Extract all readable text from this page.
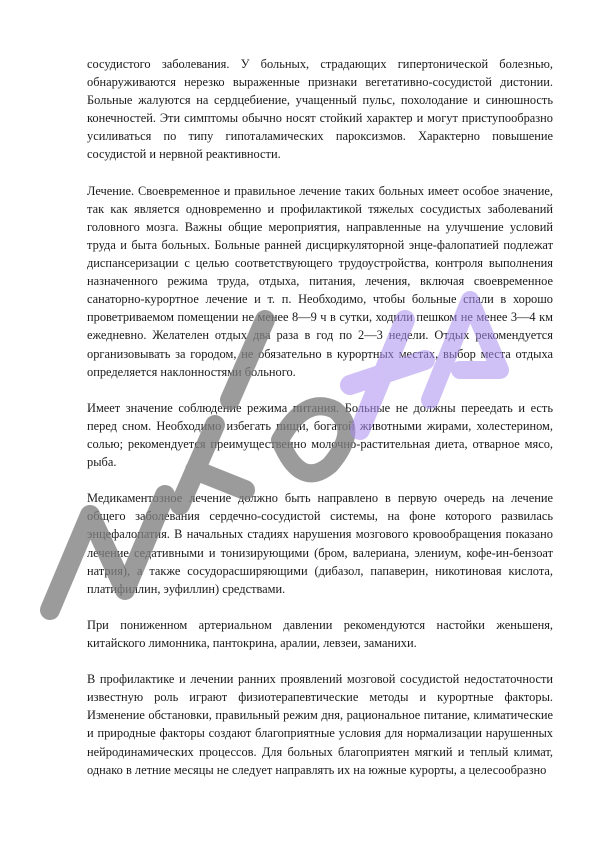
сосудистого заболевания. У больных, страдающих гипертонической болезнью, обнаруживаются нерезко выраженные признаки вегетативно-сосудистой дистонии. Больные жалуются на сердцебиение, учащенный пульс, похолодание и синюшность конечностей. Эти симптомы обычно носят стойкий характер и могут приступообразно усиливаться по типу гипоталамических пароксизмов. Характерно повышение сосудистой и нервной реактивности.

Лечение. Своевременное и правильное лечение таких больных имеет особое значение, так как является одновременно и профилактикой тяжелых сосудистых заболеваний головного мозга. Важны общие мероприятия, направленные на улучшение условий труда и быта больных. Больные ранней дисциркуляторной энце-фалопатией подлежат диспансеризации с целью соответствующего трудоустройства, контроля выполнения назначенного режима труда, отдыха, питания, лечения, включая своевременное санаторно-курортное лечение и т. п. Необходимо, чтобы больные спали в хорошо проветриваемом помещении не менее 8—9 ч в сутки, ходили пешком не менее 3—4 км ежедневно. Желателен отдых два раза в год по 2—3 недели. Отдых рекомендуется организовывать за городом, не обязательно в курортных местах, выбор места отдыха определяется наклонностями больного.

Имеет значение соблюдение режима питания. Больные не должны переедать и есть перед сном. Необходимо избегать пищи, богатой животными жирами, холестерином, солью; рекомендуется преимущественно молочно-растительная диета, отварное мясо, рыба.

Медикаментозное лечение должно быть направлено в первую очередь на лечение общего заболевания сердечно-сосудистой системы, на фоне которого развилась энцефалопатия. В начальных стадиях нарушения мозгового кровообращения показано лечение седативными и тонизирующими (бром, валериана, элениум, кофе-ин-бензоат натрия), а также сосудорасширяющими (дибазол, папаверин, никотиновая кислота, платифиллин, эуфиллин) средствами.

При пониженном артериальном давлении рекомендуются настойки женьшеня, китайского лимонника, пантокрина, аралии, левзеи, заманихи.

В профилактике и лечении ранних проявлений мозговой сосудистой недостаточности известную роль играют физиотерапевтические методы и курортные факторы. Изменение обстановки, правильный режим дня, рациональное питание, климатические и природные факторы создают благоприятные условия для нормализации нарушенных нейродинамических процессов. Для больных благоприятен мягкий и теплый климат, однако в летние месяцы не следует направлять их на южные курорты, а целесообразно
